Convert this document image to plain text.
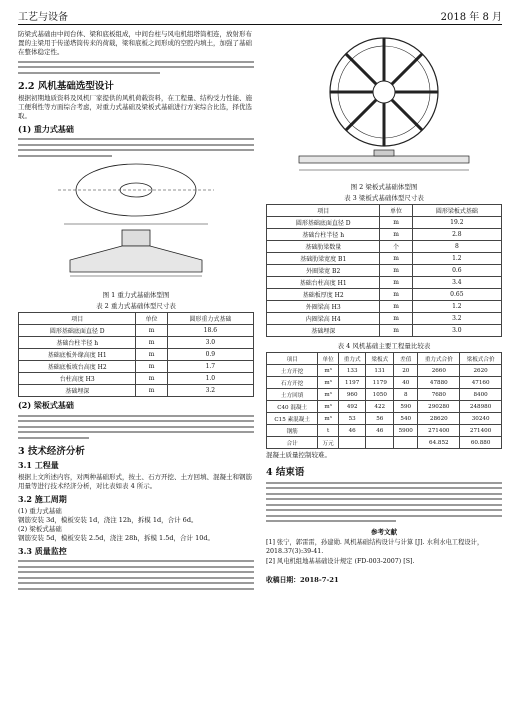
工艺与设备	2018 年 8 月

防梁式基础由中间台体、梁和底板组成，中间台柱与风电机组塔筒相连，放射形布置的主梁用于传递塔筒传来的荷载，梁和底板之间形成的空腔内填土，加强了基础在整体稳定性。

2.2 风机基础选型设计

根据初期地质资料及风机厂家提供的风机荷载资料，在工程量、结构受力性能、施工便利性等方面综合考虑，对重力式基础及梁板式基础进行方案综合比选，择优选取。

(1) 重力式基础
图 1 重力式基础体型图
表 2 重力式基础体型尺寸表
项目	单位	圆形重力式基础
圆形基础底面直径 D	m	18.6
基础台柱半径 h	m	3.0
基础底板外缘高度 H1	m	0.9
基础底板坡台高度 H2	m	1.7
台柱高度 H3	m	1.0
基础埋深	m	3.2
(2) 梁板式基础
3 技术经济分析
3.1 工程量

根据上文所述内容，对两种基础形式，按土、石方开挖、土方回填、混凝土和钢筋用量等进行技术经济分析，对比表如表 4 所示。

3.2 施工周期

(1) 重力式基础

钢筋安装 3d，模板安装 1d，浇注 12h，拆模 1d，合计 6d。

(2) 梁板式基础

钢筋安装 5d，模板安装 2.5d，浇注 28h，拆模 1.5d，合计 10d。

3.3 质量监控
图 2 梁板式基础体型图
表 3 梁板式基础体型尺寸表
项目	单位	圆形梁板式基础
圆形基础底面直径 D	m	19.2
基础台柱半径 h	m	2.8
基础肋梁数量	个	8
基础肋梁宽度 B1	m	1.2
外圈梁宽 B2	m	0.6
基础台柱高度 H1	m	3.4
基础板厚度 H2	m	0.65
外圈梁高 H3	m	1.2
内圈梁高 H4	m	3.2
基础埋深	m	3.0
表 4 风机基础主要工程量比较表
项目	单位	重力式	梁板式	差值	重力式合价	梁板式合价
土方开挖	m³	133	131	20	2660	2620
石方开挖	m³	1197	1179	40	47880	47160
土方回填	m³	960	1050	8	7680	8400
C40 混凝土	m³	492	422	590	290280	248980
C15 素混凝土	m³	53	56	540	28620	30240
钢筋	t	46	46	5900	271400	271400
合计	万元				64.852	60.880

混凝土质量控制较难。

4 结束语
参考文献

[1] 张宁，郭雷雷，孙建勋. 风机基础结构设计与计算 [J]. 水利水电工程设计，2018.37(3):39-41.

[2] 风电机组地基基础设计规定 (FD-003-2007) [S].

收稿日期：2018-7-21
